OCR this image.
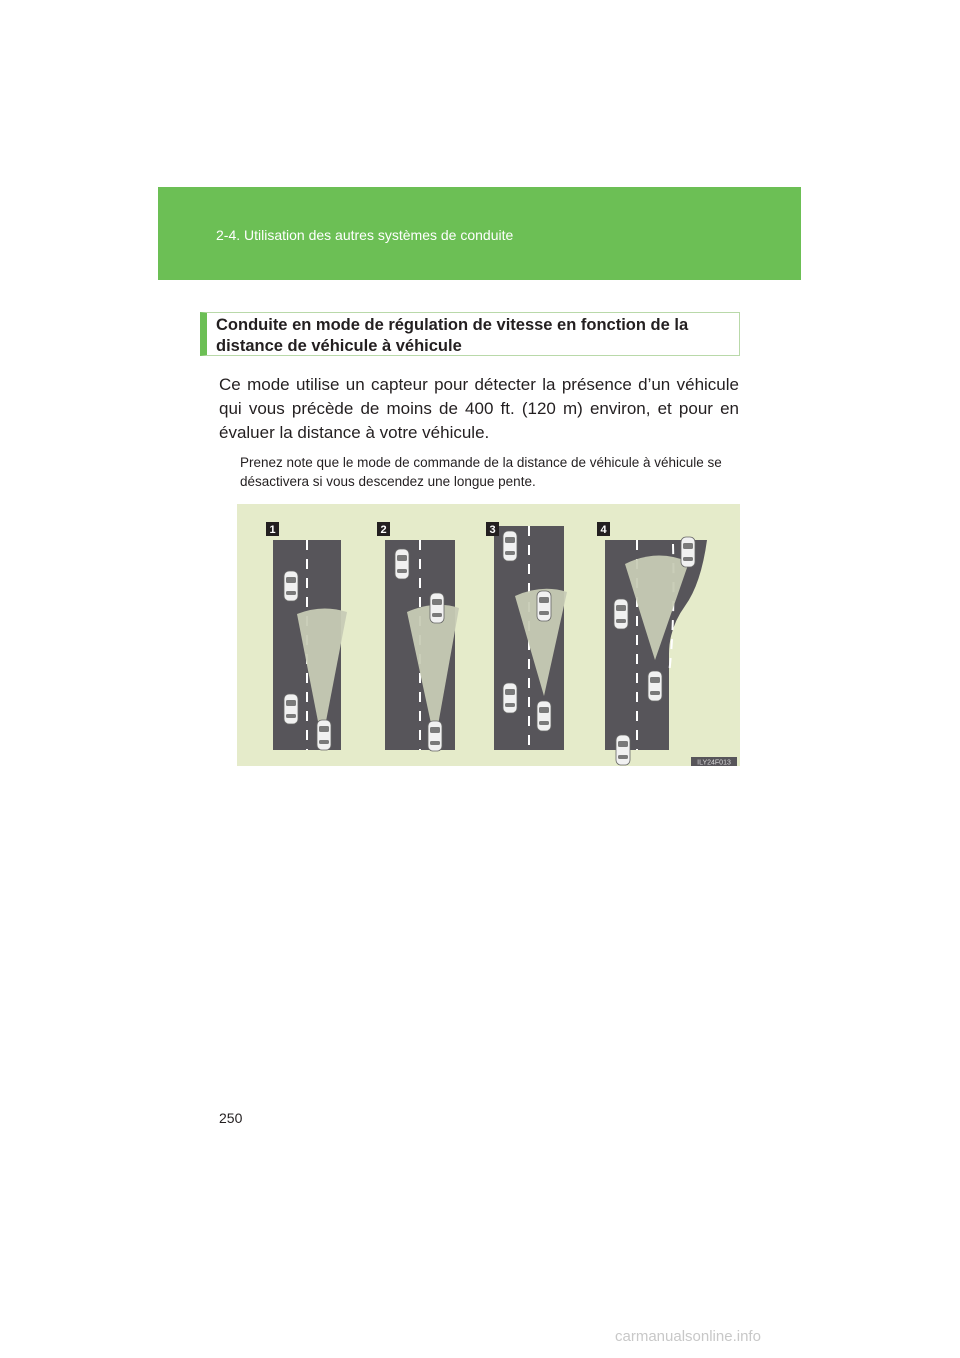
2-4. Utilisation des autres systèmes de conduite
Conduite en mode de régulation de vitesse en fonction de la distance de véhicule à véhicule
Ce mode utilise un capteur pour détecter la présence d’un véhicule qui vous précède de moins de 400 ft. (120 m) environ, et pour en évaluer la distance à votre véhicule.
Prenez note que le mode de commande de la distance de véhicule à véhicule se désactivera si vous descendez une longue pente.
1	2	3	4
ILY24F013
250
carmanualsonline.info
